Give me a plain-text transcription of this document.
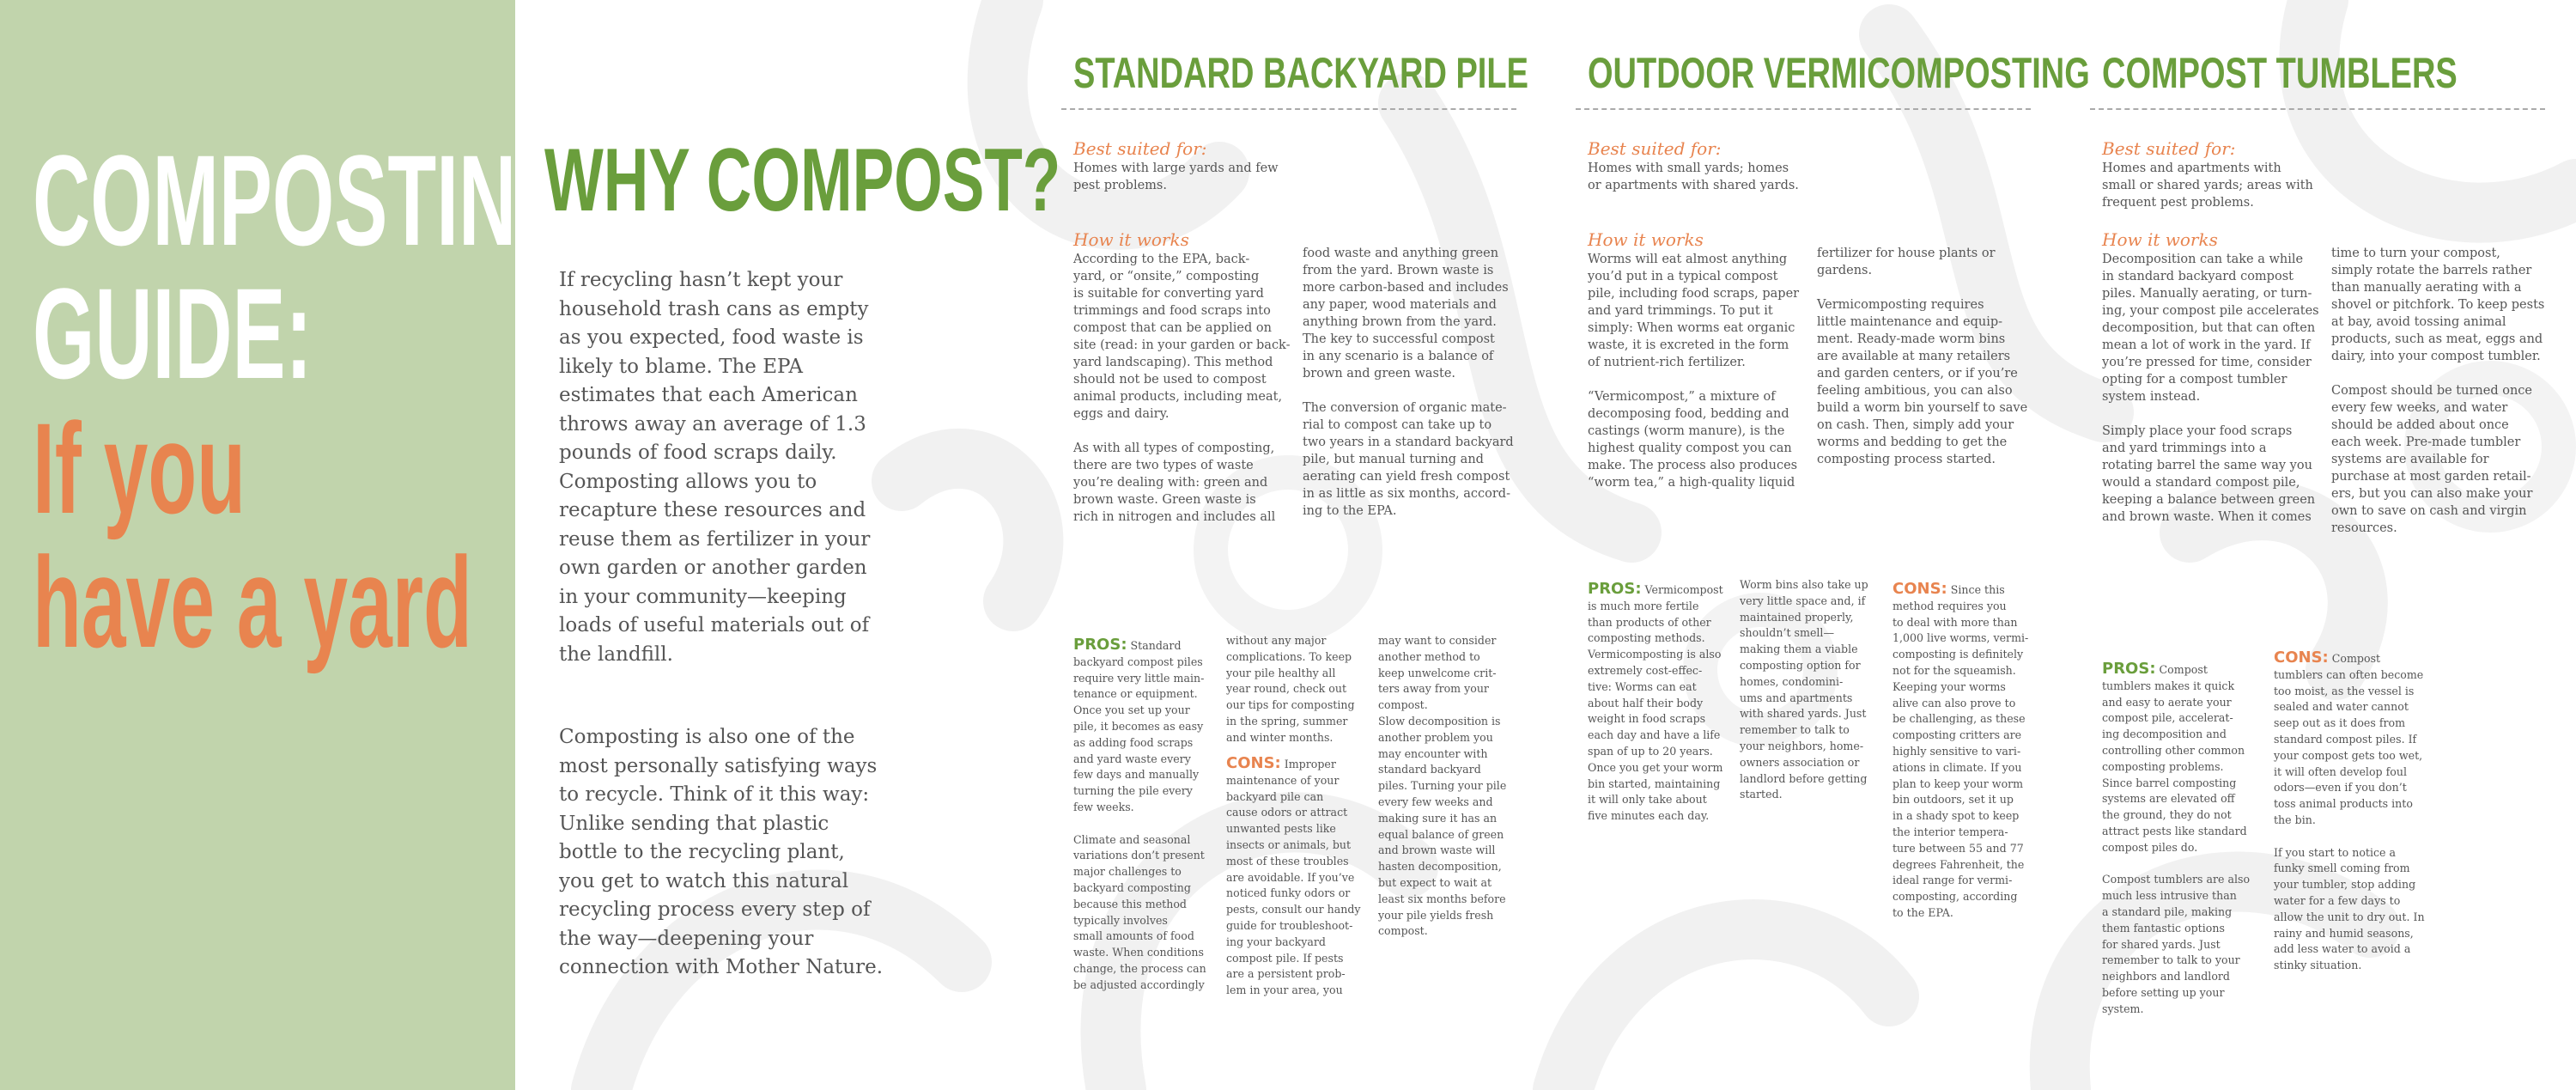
COMPOSTING
GUIDE:
If you
have a yard
WHY COMPOST?

If recycling hasn’t kept your household trash cans as empty as you expected, food waste is likely to blame. The EPA estimates that each American throws away an average of 1.3 pounds of food scraps daily. Composting allows you to recapture these resources and reuse them as fertilizer in your own garden or another garden in your community—keeping loads of useful materials out of the landfill.

Composting is also one of the most personally satisfying ways to recycle. Think of it this way: Unlike sending that plastic bottle to the recycling plant, you get to watch this natural recycling process every step of the way—deepening your connection with Mother Nature.

STANDARD BACKYARD PILE

Best suited for:

Homes with large yards and few
pest problems.

How it works

According to the EPA, back-
yard, or “onsite,” composting
is suitable for converting yard
trimmings and food scraps into
compost that can be applied on
site (read: in your garden or back-
yard landscaping). This method
should not be used to compost
animal products, including meat,
eggs and dairy.

As with all types of composting,
there are two types of waste
you’re dealing with: green and
brown waste. Green waste is
rich in nitrogen and includes all

food waste and anything green
from the yard. Brown waste is
more carbon-based and includes
any paper, wood materials and
anything brown from the yard.
The key to successful compost
in any scenario is a balance of
brown and green waste.

The conversion of organic mate-
rial to compost can take up to
two years in a standard backyard
pile, but manual turning and
aerating can yield fresh compost
in as little as six months, accord-
ing to the EPA.

PROS: Standard
backyard compost piles
require very little main-
tenance or equipment.
Once you set up your
pile, it becomes as easy
as adding food scraps
and yard waste every
few days and manually
turning the pile every
few weeks.

Climate and seasonal
variations don’t present
major challenges to
backyard composting
because this method
typically involves
small amounts of food
waste. When conditions
change, the process can
be adjusted accordingly

without any major
complications. To keep
your pile healthy all
year round, check out
our tips for composting
in the spring, summer
and winter months.

CONS: Improper
maintenance of your
backyard pile can
cause odors or attract
unwanted pests like
insects or animals, but
most of these troubles
are avoidable. If you’ve
noticed funky odors or
pests, consult our handy
guide for troubleshoot-
ing your backyard
compost pile. If pests
are a persistent prob-
lem in your area, you

may want to consider
another method to
keep unwelcome crit-
ters away from your
compost.
Slow decomposition is
another problem you
may encounter with
standard backyard
piles. Turning your pile
every few weeks and
making sure it has an
equal balance of green
and brown waste will
hasten decomposition,
but expect to wait at
least six months before
your pile yields fresh
compost.

OUTDOOR VERMICOMPOSTING

Best suited for:

Homes with small yards; homes
or apartments with shared yards.

How it works

Worms will eat almost anything
you’d put in a typical compost
pile, including food scraps, paper
and yard trimmings. To put it
simply: When worms eat organic
waste, it is excreted in the form
of nutrient-rich fertilizer.

“Vermicompost,” a mixture of
decomposing food, bedding and
castings (worm manure), is the
highest quality compost you can
make. The process also produces
“worm tea,” a high-quality liquid

fertilizer for house plants or
gardens.

Vermicomposting requires
little maintenance and equip-
ment. Ready-made worm bins
are available at many retailers
and garden centers, or if you’re
feeling ambitious, you can also
build a worm bin yourself to save
on cash. Then, simply add your
worms and bedding to get the
composting process started.

PROS: Vermicompost
is much more fertile
than products of other
composting methods.
Vermicomposting is also
extremely cost-effec-
tive: Worms can eat
about half their body
weight in food scraps
each day and have a life
span of up to 20 years.
Once you get your worm
bin started, maintaining
it will only take about
five minutes each day.

Worm bins also take up
very little space and, if
maintained properly,
shouldn’t smell—
making them a viable
composting option for
homes, condomini-
ums and apartments
with shared yards. Just
remember to talk to
your neighbors, home-
owners association or
landlord before getting
started.

CONS: Since this
method requires you
to deal with more than
1,000 live worms, vermi-
composting is definitely
not for the squeamish.
Keeping your worms
alive can also prove to
be challenging, as these
composting critters are
highly sensitive to vari-
ations in climate. If you
plan to keep your worm
bin outdoors, set it up
in a shady spot to keep
the interior tempera-
ture between 55 and 77
degrees Fahrenheit, the
ideal range for vermi-
composting, according
to the EPA.
COMPOST TUMBLERS

Best suited for:

Homes and apartments with
small or shared yards; areas with
frequent pest problems.

How it works

Decomposition can take a while
in standard backyard compost
piles. Manually aerating, or turn-
ing, your compost pile accelerates
decomposition, but that can often
mean a lot of work in the yard. If
you’re pressed for time, consider
opting for a compost tumbler
system instead.

Simply place your food scraps
and yard trimmings into a
rotating barrel the same way you
would a standard compost pile,
keeping a balance between green
and brown waste. When it comes

time to turn your compost,
simply rotate the barrels rather
than manually aerating with a
shovel or pitchfork. To keep pests
at bay, avoid tossing animal
products, such as meat, eggs and
dairy, into your compost tumbler.

Compost should be turned once
every few weeks, and water
should be added about once
each week. Pre-made tumbler
systems are available for
purchase at most garden retail-
ers, but you can also make your
own to save on cash and virgin
resources.

PROS: Compost
tumblers makes it quick
and easy to aerate your
compost pile, accelerat-
ing decomposition and
controlling other common
composting problems.
Since barrel composting
systems are elevated off
the ground, they do not
attract pests like standard
compost piles do.

Compost tumblers are also
much less intrusive than
a standard pile, making
them fantastic options
for shared yards. Just
remember to talk to your
neighbors and landlord
before setting up your
system.
CONS: Compost
tumblers can often become
too moist, as the vessel is
sealed and water cannot
seep out as it does from
standard compost piles. If
your compost gets too wet,
it will often develop foul
odors—even if you don’t
toss animal products into
the bin.

If you start to notice a
funky smell coming from
your tumbler, stop adding
water for a few days to
allow the unit to dry out. In
rainy and humid seasons,
add less water to avoid a
stinky situation.
